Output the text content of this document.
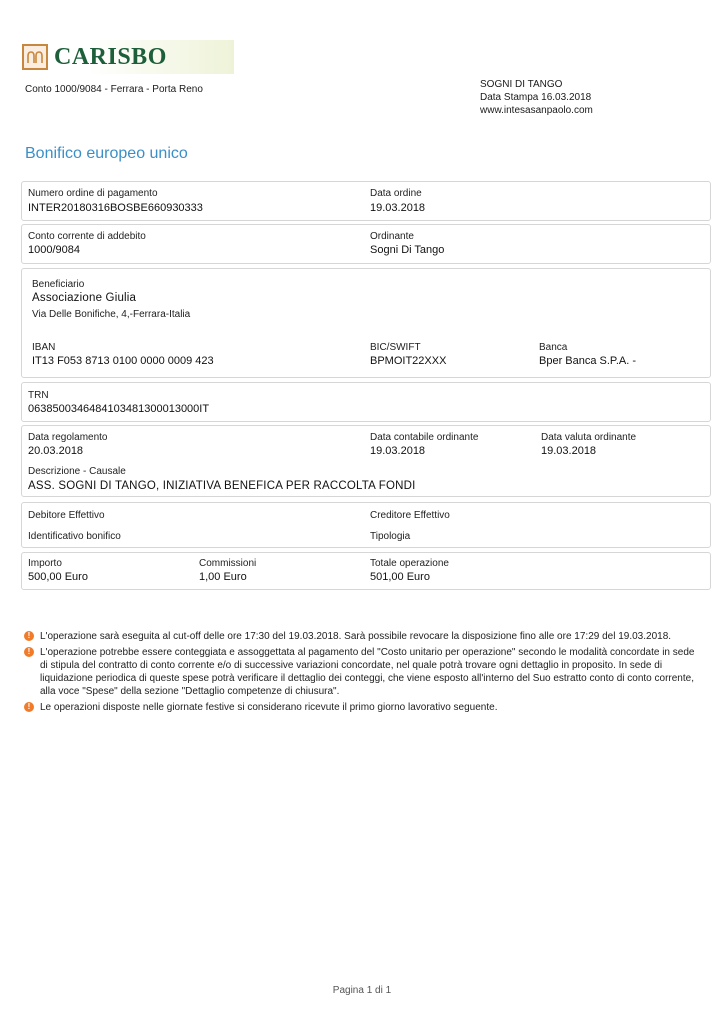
CARISBO
Conto 1000/9084 - Ferrara - Porta Reno	SOGNI DI TANGO
Data Stampa 16.03.2018
www.intesasanpaolo.com
Bonifico europeo unico
Numero ordine di pagamento
INTER20180316BOSBE660930333
Data ordine
19.03.2018
Conto corrente di addebito
1000/9084
Ordinante
Sogni Di Tango
Beneficiario
Associazione Giulia
Via Delle Bonifiche, 4,-Ferrara-Italia
IBAN
IT13 F053 8713 0100 0000 0009 423
BIC/SWIFT
BPMOIT22XXX
Banca
Bper Banca S.P.A. -
TRN
0638500346484103481300013000IT
Data regolamento
20.03.2018
Data contabile ordinante
19.03.2018
Data valuta ordinante
19.03.2018
Descrizione - Causale
ASS. SOGNI DI TANGO, INIZIATIVA BENEFICA PER RACCOLTA FONDI
Debitore Effettivo	Creditore Effettivo
Identificativo bonifico	Tipologia
Importo
500,00 Euro
Commissioni
1,00 Euro
Totale operazione
501,00 Euro
! L'operazione sarà eseguita al cut-off delle ore 17:30 del 19.03.2018. Sarà possibile revocare la disposizione fino alle ore 17:29 del 19.03.2018.
! L'operazione potrebbe essere conteggiata e assoggettata al pagamento del "Costo unitario per operazione" secondo le modalità concordate in sede di stipula del contratto di conto corrente e/o di successive variazioni concordate, nel quale potrà trovare ogni dettaglio in proposito. In sede di liquidazione periodica di queste spese potrà verificare il dettaglio dei conteggi, che viene esposto all'interno del Suo estratto conto di conto corrente, alla voce "Spese" della sezione "Dettaglio competenze di chiusura".
! Le operazioni disposte nelle giornate festive si considerano ricevute il primo giorno lavorativo seguente.
Pagina 1 di 1
